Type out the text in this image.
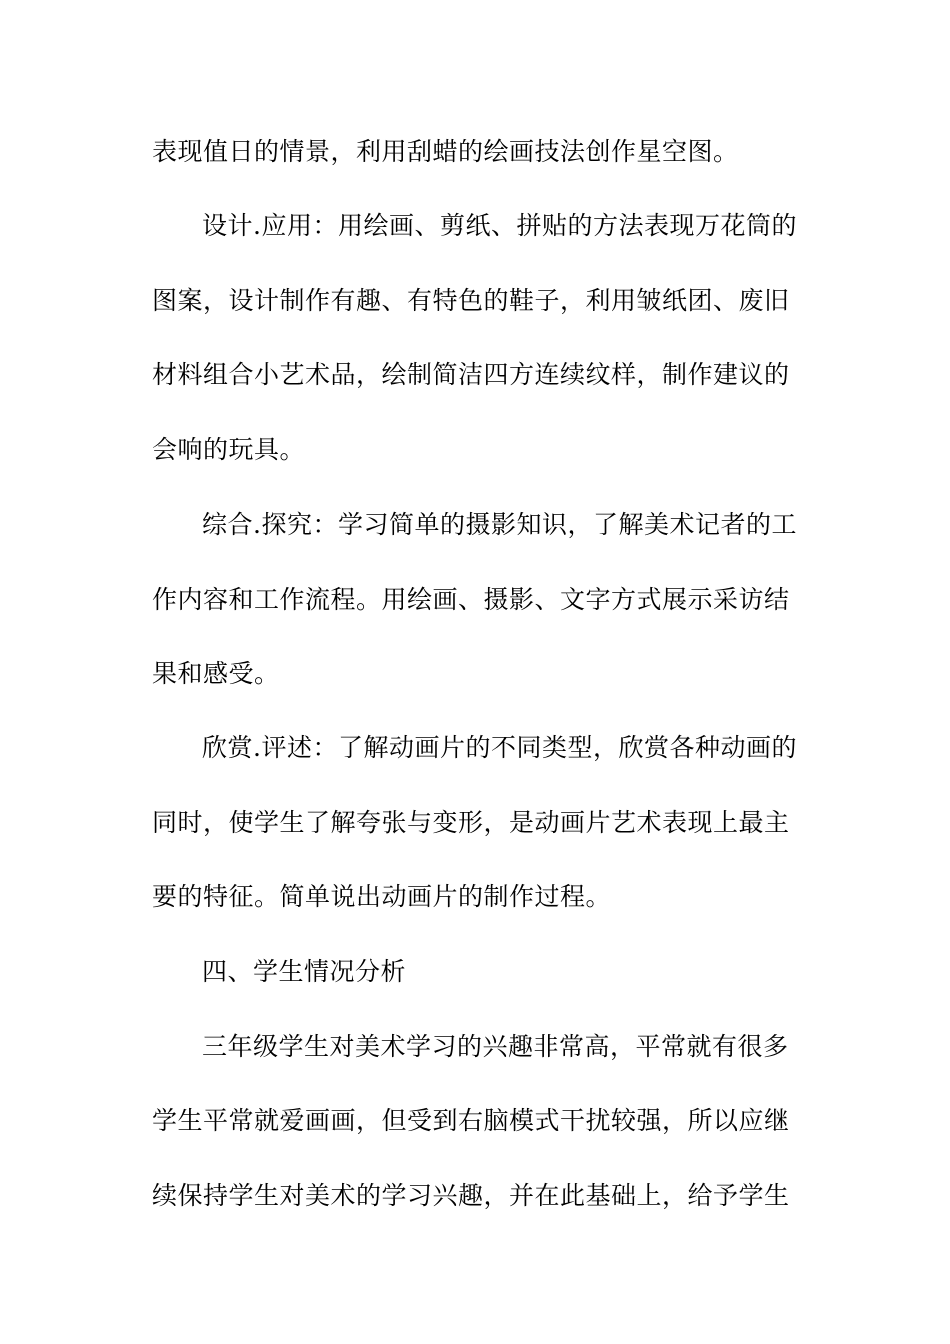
表现值日的情景，利用刮蜡的绘画技法创作星空图。
设计.应用：用绘画、剪纸、拼贴的方法表现万花筒的
图案，设计制作有趣、有特色的鞋子，利用皱纸团、废旧
材料组合小艺术品，绘制简洁四方连续纹样，制作建议的
会响的玩具。
综合.探究：学习简单的摄影知识，了解美术记者的工
作内容和工作流程。用绘画、摄影、文字方式展示采访结
果和感受。
欣赏.评述：了解动画片的不同类型，欣赏各种动画的
同时，使学生了解夸张与变形，是动画片艺术表现上最主
要的特征。简单说出动画片的制作过程。
四、学生情况分析
三年级学生对美术学习的兴趣非常高，平常就有很多
学生平常就爱画画，但受到右脑模式干扰较强，所以应继
续保持学生对美术的学习兴趣，并在此基础上，给予学生
